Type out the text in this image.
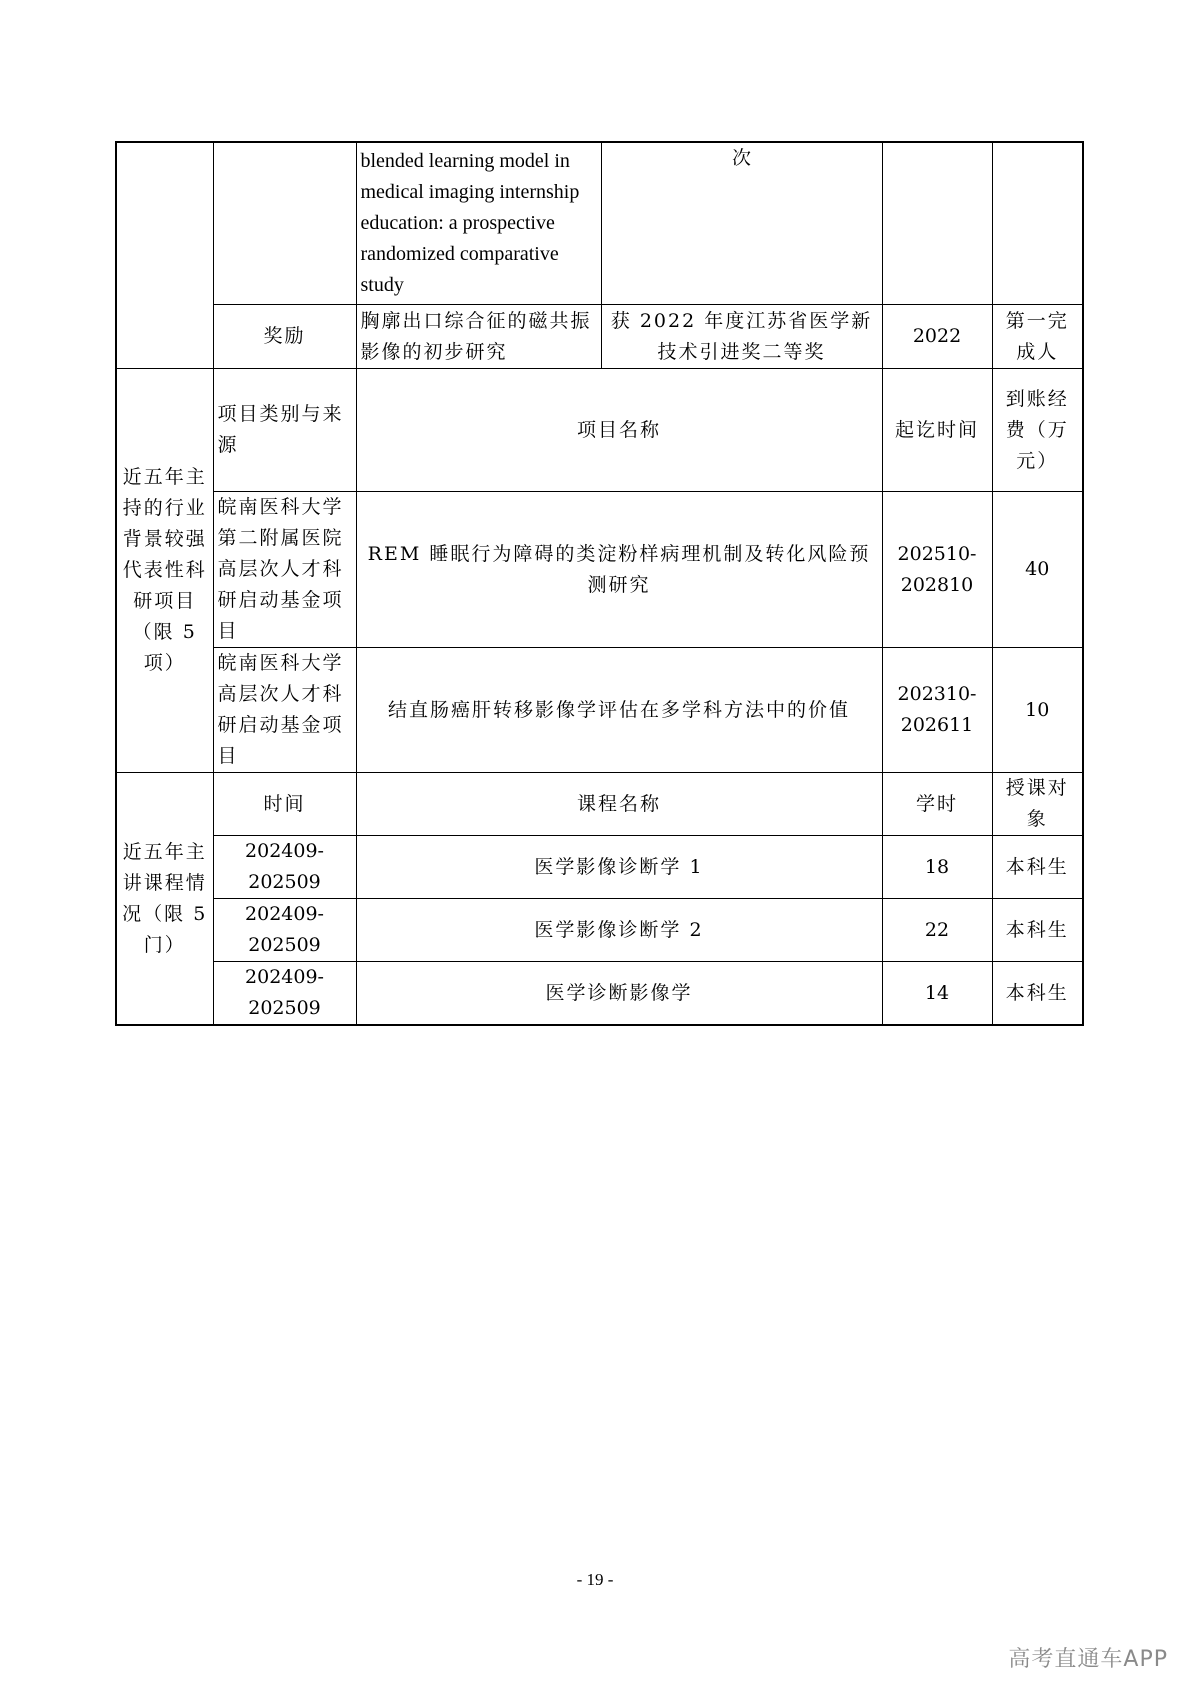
		blended learning model in medical imaging internship education: a prospective randomized comparative study	次		
	奖励	胸廓出口综合征的磁共振影像的初步研究	获 2022 年度江苏省医学新技术引进奖二等奖	2022	第一完成人
近五年主持的行业背景较强代表性科研项目（限 5 项）	项目类别与来源	项目名称		起讫时间	到账经费（万元）
	皖南医科大学第二附属医院高层次人才科研启动基金项目	REM 睡眠行为障碍的类淀粉样病理机制及转化风险预测研究		202510-202810	40
	皖南医科大学高层次人才科研启动基金项目	结直肠癌肝转移影像学评估在多学科方法中的价值		202310-202611	10
近五年主讲课程情况（限 5 门）	时间	课程名称		学时	授课对象
	202409-202509	医学影像诊断学 1		18	本科生
	202409-202509	医学影像诊断学 2		22	本科生
	202409-202509	医学诊断影像学		14	本科生
- 19 -
高考直通车APP
